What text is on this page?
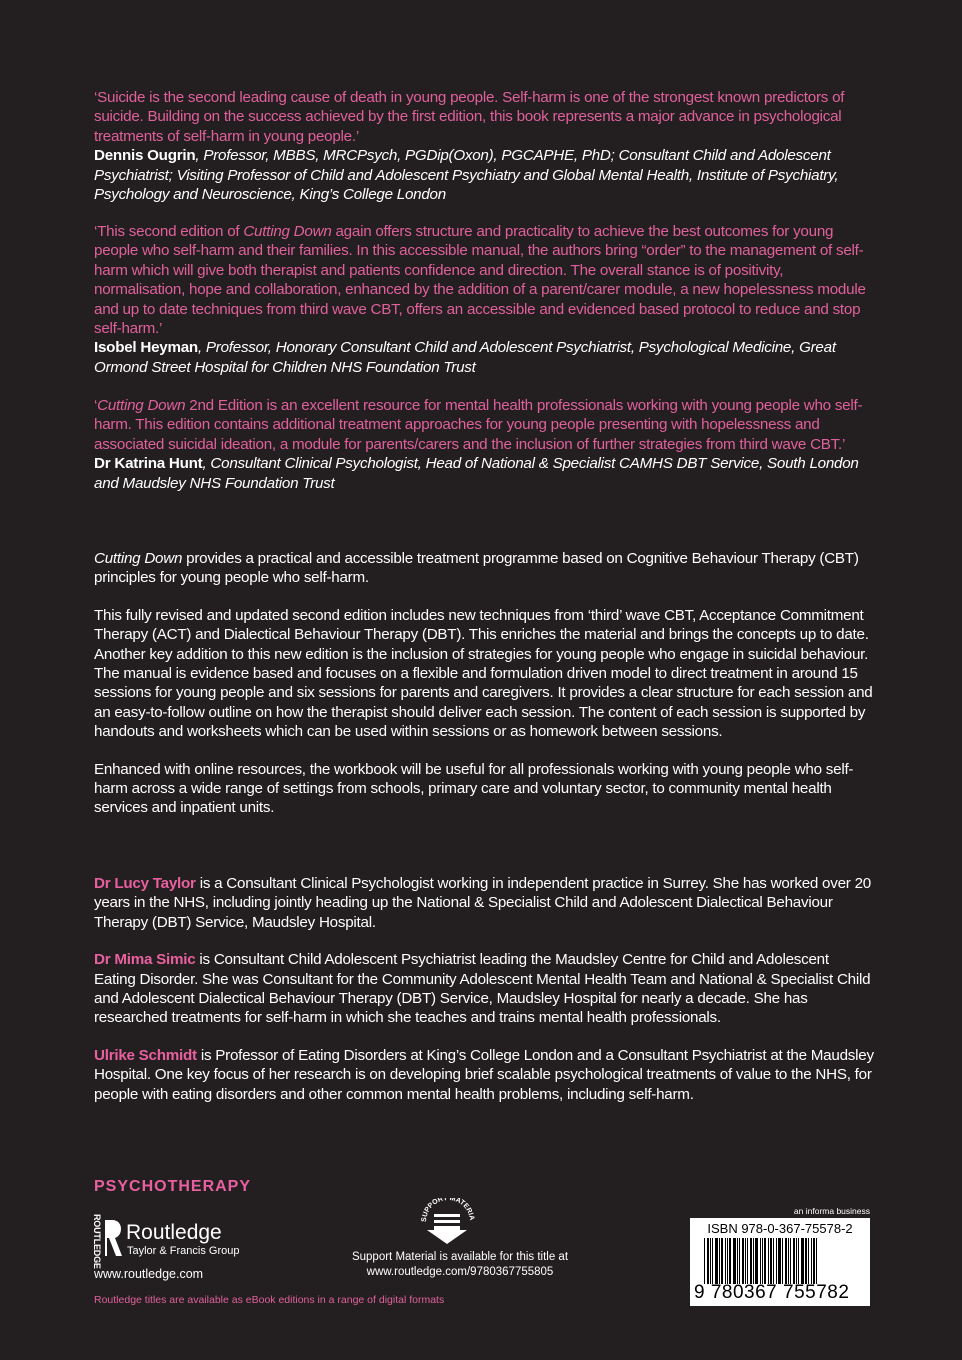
‘Suicide is the second leading cause of death in young people. Self-harm is one of the strongest known predictors of suicide. Building on the success achieved by the first edition, this book represents a major advance in psychological treatments of self-harm in young people.’

Dennis Ougrin, Professor, MBBS, MRCPsych, PGDip(Oxon), PGCAPHE, PhD; Consultant Child and Adolescent Psychiatrist; Visiting Professor of Child and Adolescent Psychiatry and Global Mental Health, Institute of Psychiatry, Psychology and Neuroscience, King’s College London

‘This second edition of Cutting Down again offers structure and practicality to achieve the best outcomes for young people who self-harm and their families. In this accessible manual, the authors bring “order” to the management of self-harm which will give both therapist and patients confidence and direction. The overall stance is of positivity, normalisation, hope and collaboration, enhanced by the addition of a parent/carer module, a new hopelessness module and up to date techniques from third wave CBT, offers an accessible and evidenced based protocol to reduce and stop self-harm.’

Isobel Heyman, Professor, Honorary Consultant Child and Adolescent Psychiatrist, Psychological Medicine, Great Ormond Street Hospital for Children NHS Foundation Trust

‘Cutting Down 2nd Edition is an excellent resource for mental health professionals working with young people who self-harm. This edition contains additional treatment approaches for young people presenting with hopelessness and associated suicidal ideation, a module for parents/carers and the inclusion of further strategies from third wave CBT.’

Dr Katrina Hunt, Consultant Clinical Psychologist, Head of National & Specialist CAMHS DBT Service, South London and Maudsley NHS Foundation Trust

Cutting Down provides a practical and accessible treatment programme based on Cognitive Behaviour Therapy (CBT) principles for young people who self-harm.

This fully revised and updated second edition includes new techniques from ‘third’ wave CBT, Acceptance Commitment Therapy (ACT) and Dialectical Behaviour Therapy (DBT). This enriches the material and brings the concepts up to date. Another key addition to this new edition is the inclusion of strategies for young people who engage in suicidal behaviour. The manual is evidence based and focuses on a flexible and formulation driven model to direct treatment in around 15 sessions for young people and six sessions for parents and caregivers. It provides a clear structure for each session and an easy-to-follow outline on how the therapist should deliver each session. The content of each session is supported by handouts and worksheets which can be used within sessions or as homework between sessions.

Enhanced with online resources, the workbook will be useful for all professionals working with young people who self-harm across a wide range of settings from schools, primary care and voluntary sector, to community mental health services and inpatient units.

Dr Lucy Taylor is a Consultant Clinical Psychologist working in independent practice in Surrey. She has worked over 20 years in the NHS, including jointly heading up the National & Specialist Child and Adolescent Dialectical Behaviour Therapy (DBT) Service, Maudsley Hospital.

Dr Mima Simic is Consultant Child Adolescent Psychiatrist leading the Maudsley Centre for Child and Adolescent Eating Disorder. She was Consultant for the Community Adolescent Mental Health Team and National & Specialist Child and Adolescent Dialectical Behaviour Therapy (DBT) Service, Maudsley Hospital for nearly a decade. She has researched treatments for self-harm in which she teaches and trains mental health professionals.

Ulrike Schmidt is Professor of Eating Disorders at King’s College London and a Consultant Psychiatrist at the Maudsley Hospital. One key focus of her research is on developing brief scalable psychological treatments of value to the NHS, for people with eating disorders and other common mental health problems, including self-harm.

PSYCHOTHERAPY
ROUTLEDGE Routledge
Taylor & Francis Group
www.routledge.com
Routledge titles are available as eBook editions in a range of digital formats
SUPPORT MATERIA
Support Material is available for this title at
www.routledge.com/9780367755805
an informa business
ISBN 978-0-367-75578-2
9 780367 755782
